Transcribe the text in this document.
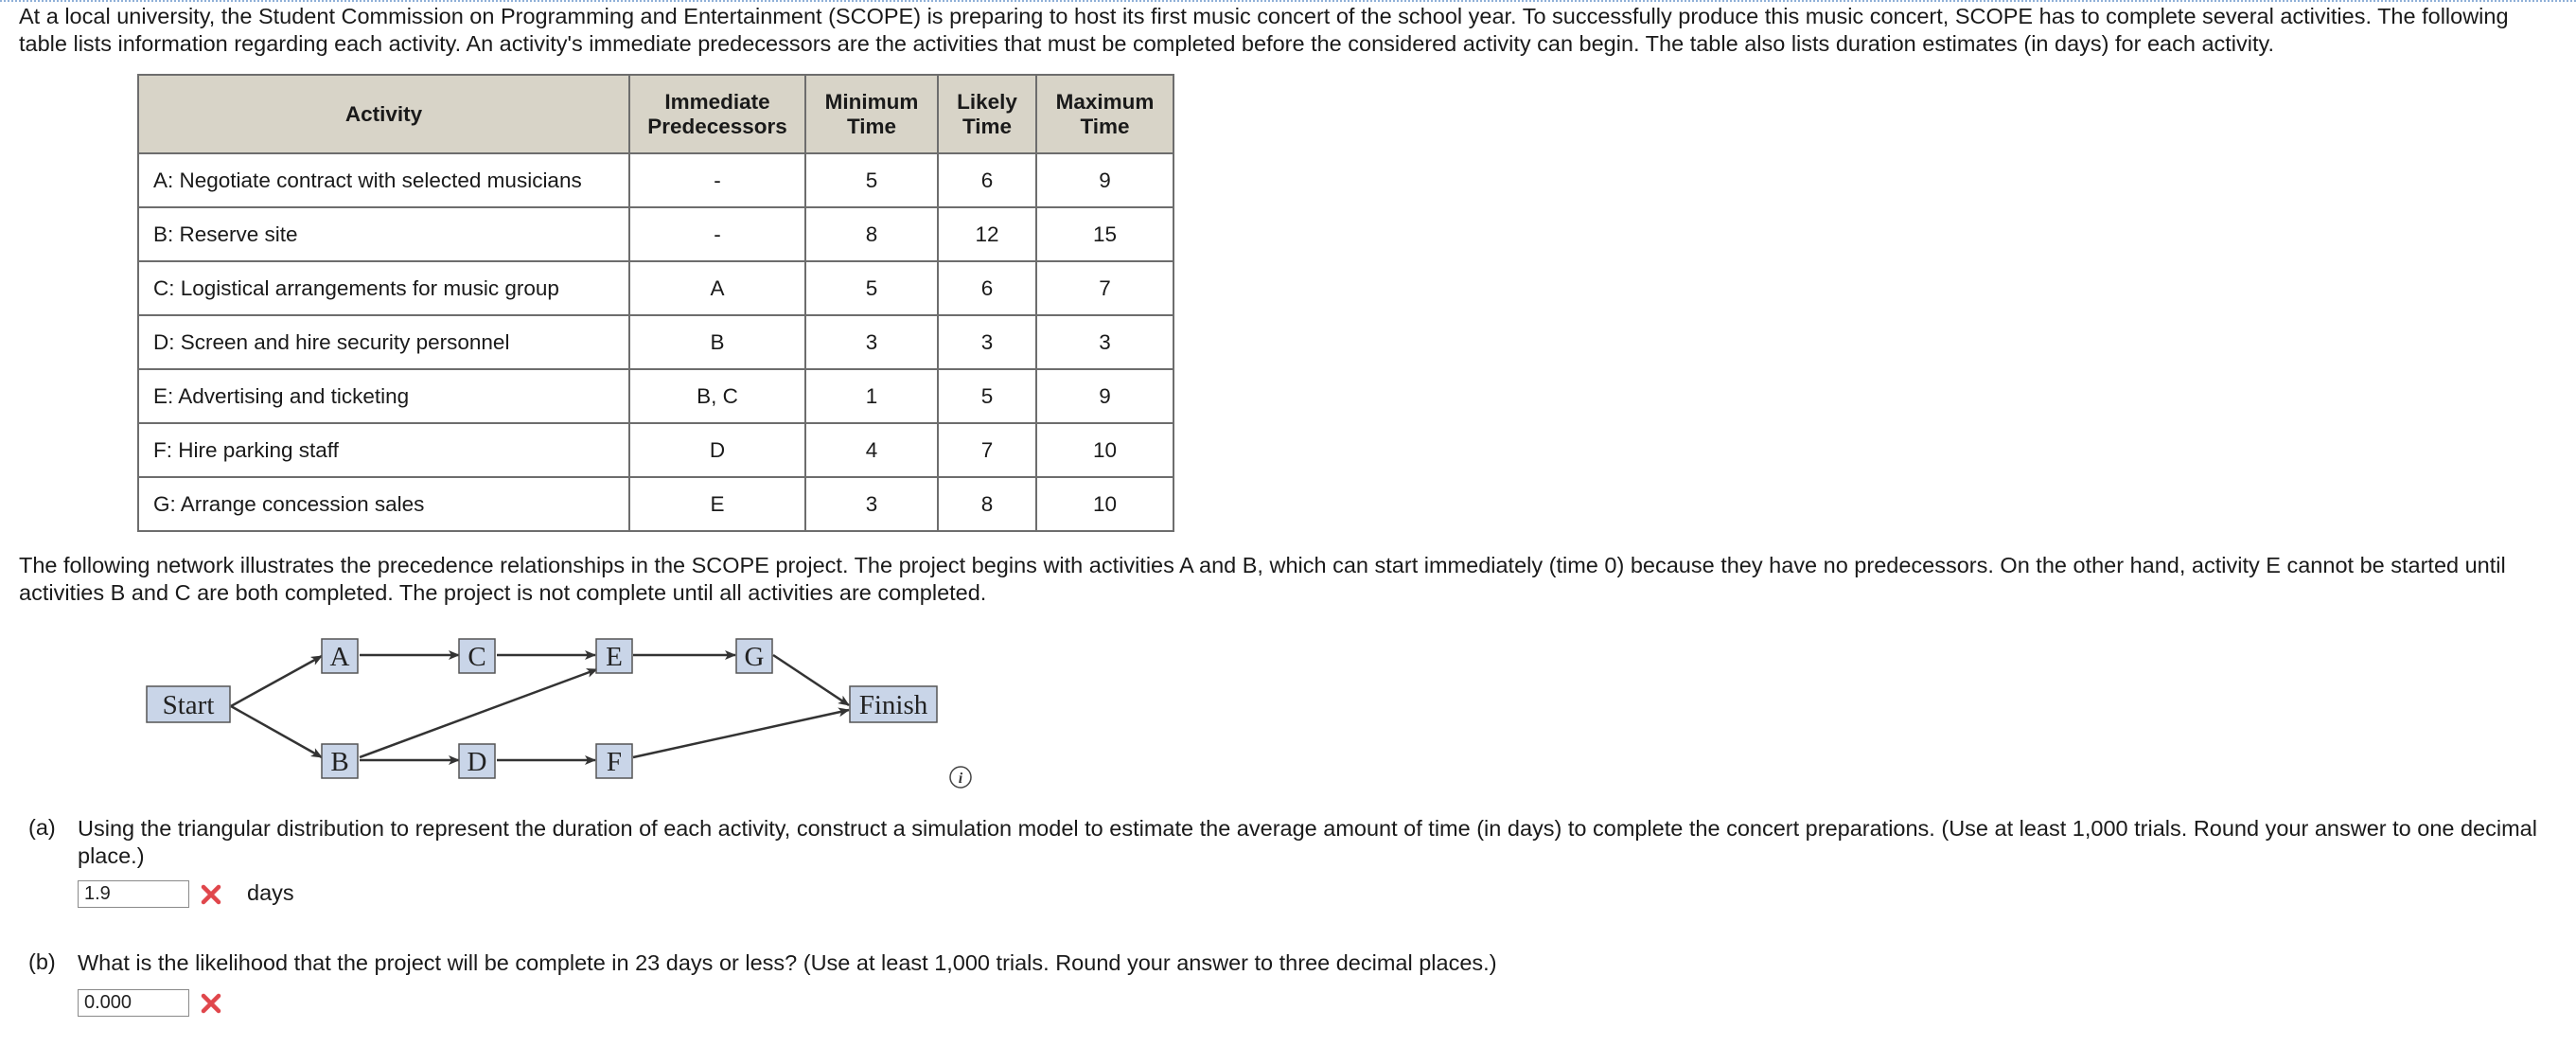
At a local university, the Student Commission on Programming and Entertainment (SCOPE) is preparing to host its first music concert of the school year. To successfully produce this music concert, SCOPE has to complete several activities. The following table lists information regarding each activity. An activity's immediate predecessors are the activities that must be completed before the considered activity can begin. The table also lists duration estimates (in days) for each activity.

Activity	Immediate Predecessors	Minimum Time	Likely Time	Maximum Time
A: Negotiate contract with selected musicians	-	5	6	9
B: Reserve site	-	8	12	15
C: Logistical arrangements for music group	A	5	6	7
D: Screen and hire security personnel	B	3	3	3
E: Advertising and ticketing	B, C	1	5	9
F: Hire parking staff	D	4	7	10
G: Arrange concession sales	E	3	8	10

The following network illustrates the precedence relationships in the SCOPE project. The project begins with activities A and B, which can start immediately (time 0) because they have no predecessors. On the other hand, activity E cannot be started until activities B and C are both completed. The project is not complete until all activities are completed.

Start
A
B
C
D
E
F
G
Finish
i
(a) Using the triangular distribution to represent the duration of each activity, construct a simulation model to estimate the average amount of time (in days) to complete the concert preparations. (Use at least 1,000 trials. Round your answer to one decimal place.)

1.9
days
(b) What is the likelihood that the project will be complete in 23 days or less? (Use at least 1,000 trials. Round your answer to three decimal places.)

0.000
